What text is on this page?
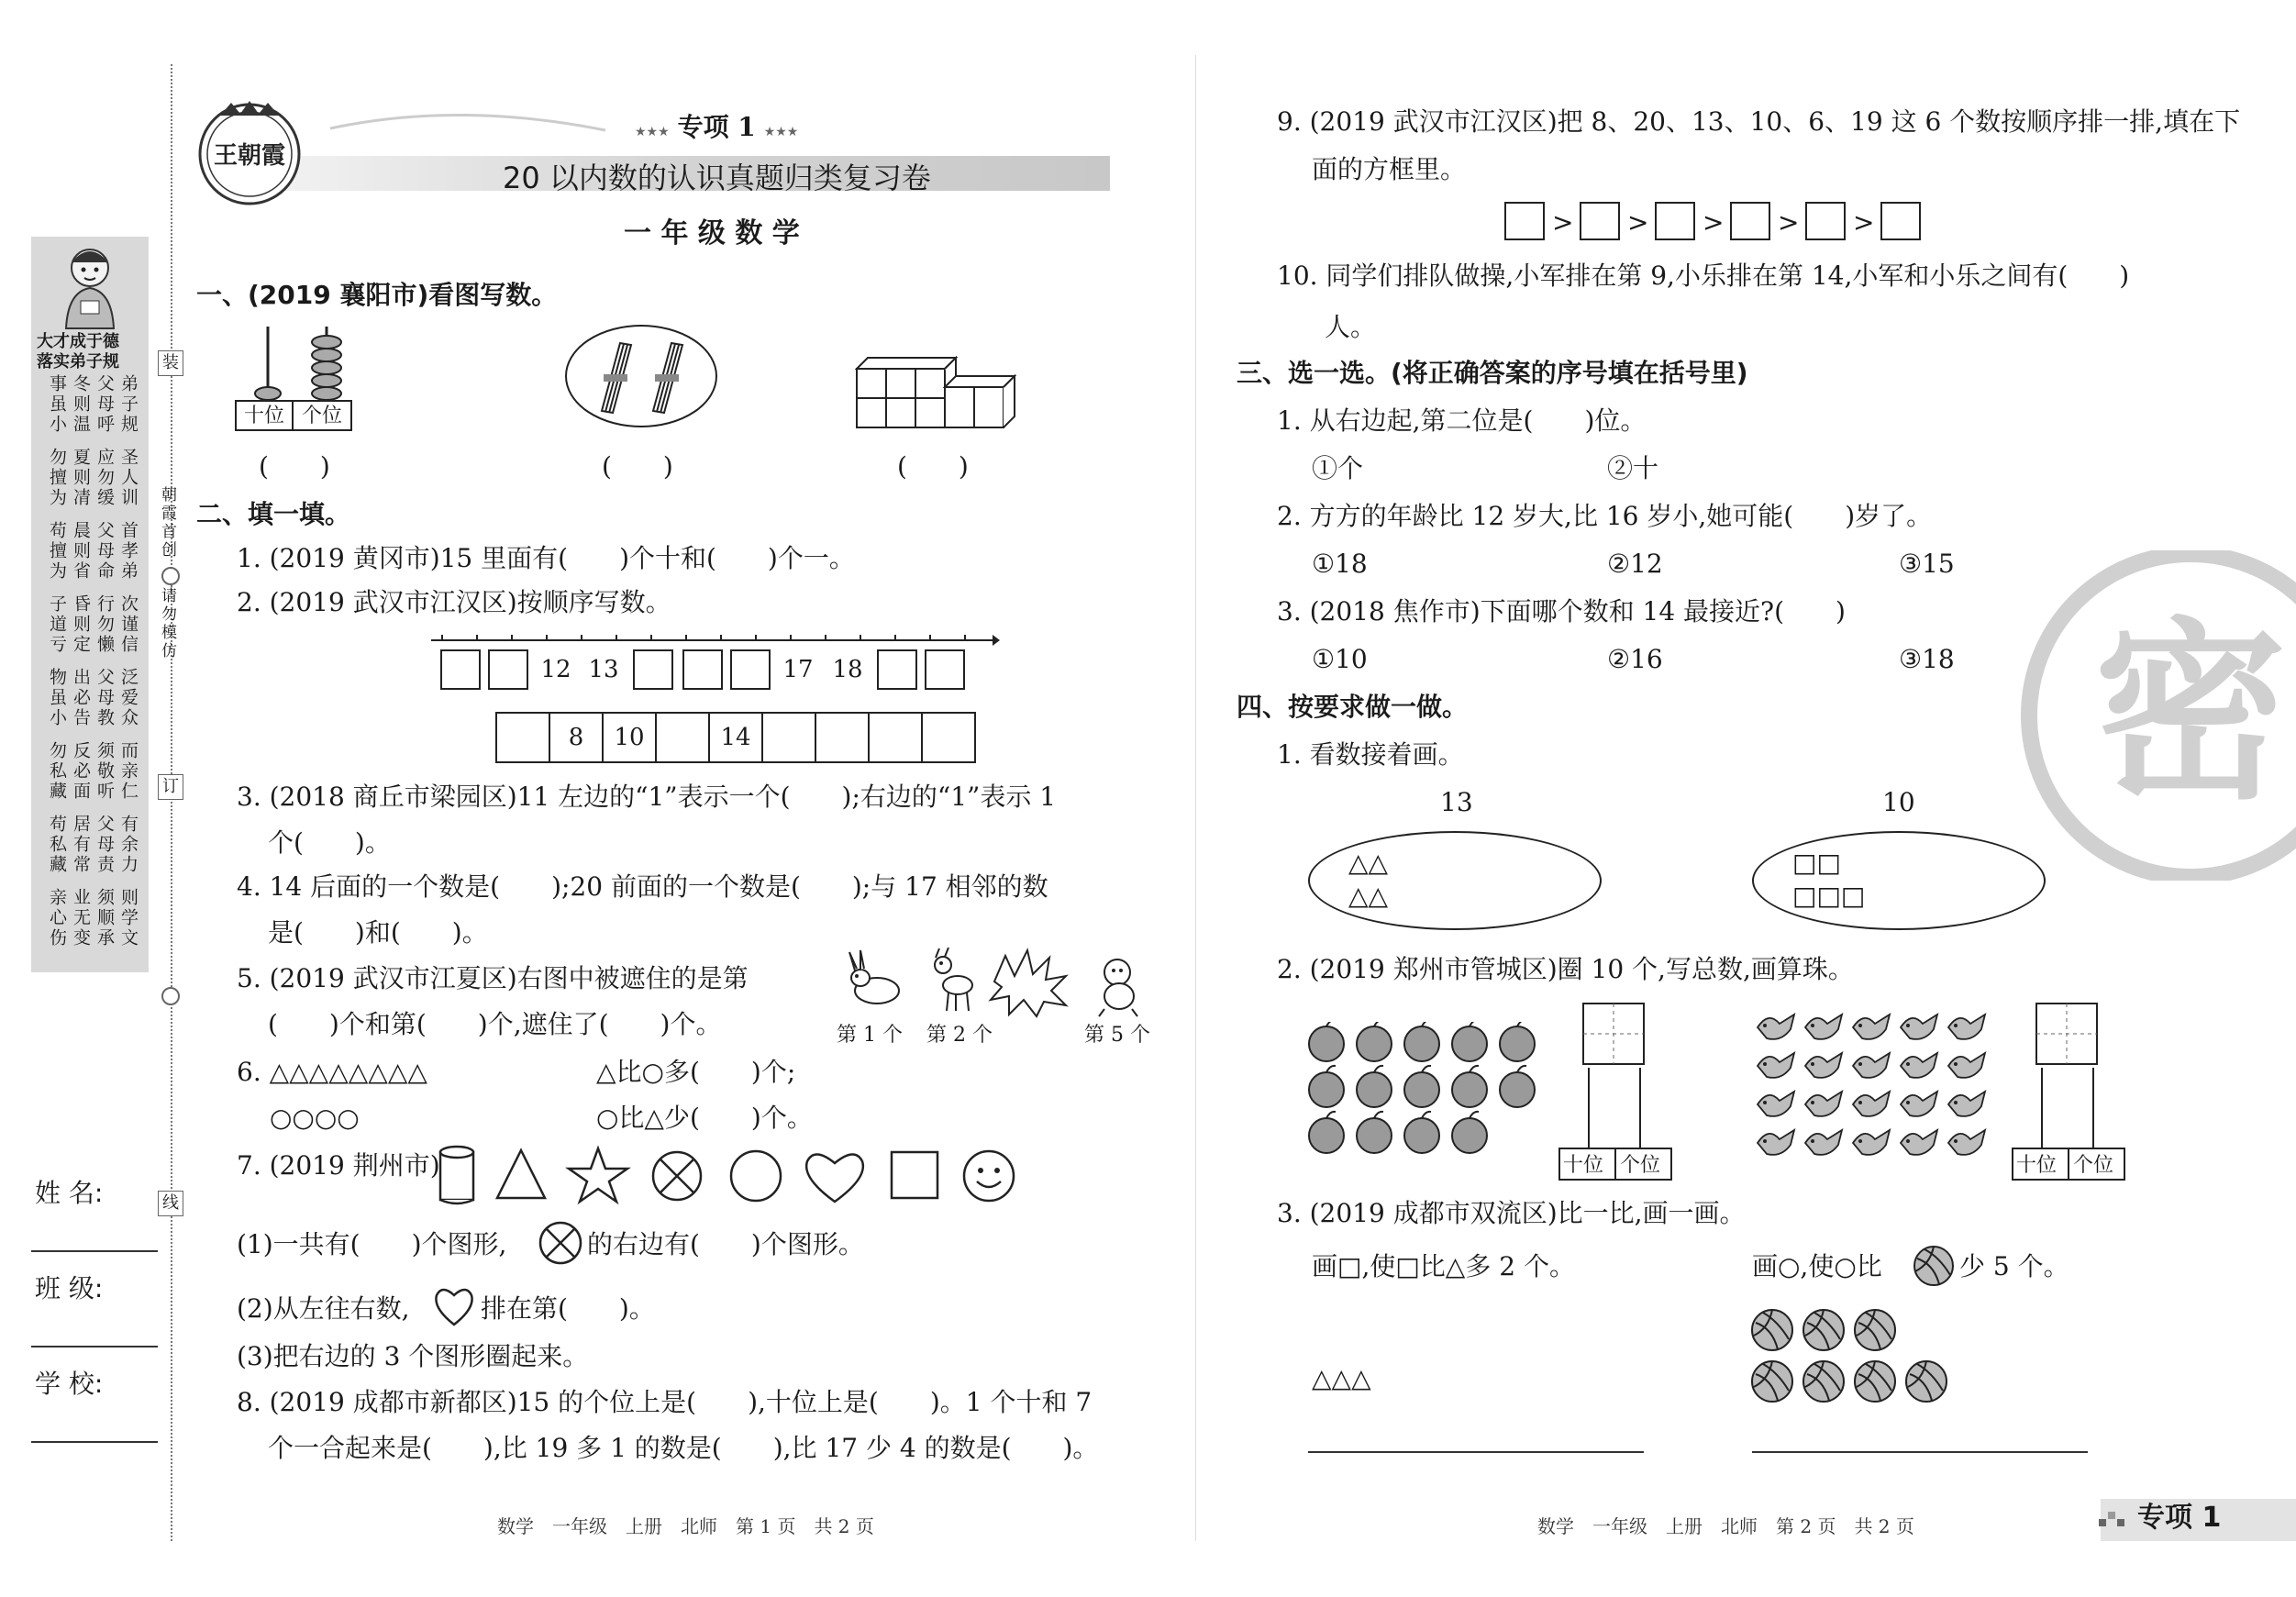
装
订
线
朝霞首创
请勿模仿
大才成于德
落实弟子规
弟子规
父母呼
冬则温
事虽小
圣人训
应勿缓
夏则凊
勿擅为
首孝弟
父母命
晨则省
苟擅为
次谨信
行勿懒
昏则定
子道亏
泛爱众
父母教
出必告
物虽小
而亲仁
须敬听
反必面
勿私藏
有余力
父母责
居有常
苟私藏
则学文
须顺承
业无变
亲心伤
姓 名:
班 级:
学 校:
王朝霞
★★★ 专项 1 ★★★
20 以内数的认识真题归类复习卷
一 年 级 数 学
一、(2019 襄阳市)看图写数。
十位 个位
(　　)	(　　)	(　　)
二、填一填。
1. (2019 黄冈市)15 里面有(　　)个十和(　　)个一。
2. (2019 武汉市江汉区)按顺序写数。
3. (2018 商丘市梁园区)11 左边的“1”表示一个(　　);右边的“1”表示 1
个(　　)。
4. 14 后面的一个数是(　　);20 前面的一个数是(　　);与 17 相邻的数
是(　　)和(　　)。
5. (2019 武汉市江夏区)右图中被遮住的是第
(　　)个和第(　　)个,遮住了(　　)个。	第 1 个 第 2 个	第 5 个
6. △△△△△△△△
○○○○
△比○多(　　)个;
○比△少(　　)个。
7. (2019 荆州市)
(1)一共有(　　)个图形,	的右边有(　　)个图形。
(2)从左往右数,	排在第(　　)。
(3)把右边的 3 个图形圈起来。
8. (2019 成都市新都区)15 的个位上是(　　),十位上是(　　)。1 个十和 7
个一合起来是(　　),比 19 多 1 的数是(　　),比 17 少 4 的数是(　　)。
数学　一年级　上册　北师　第 1 页　共 2 页
9. (2019 武汉市江汉区)把 8、20、13、10、6、19 这 6 个数按顺序排一排,填在下
面的方框里。
10. 同学们排队做操,小军排在第 9,小乐排在第 14,小军和小乐之间有(　　)
人。
三、选一选。(将正确答案的序号填在括号里)
1. 从右边起,第二位是(　　)位。
①个	②十
2. 方方的年龄比 12 岁大,比 16 岁小,她可能(　　)岁了。
①18	②12	③15
3. (2018 焦作市)下面哪个数和 14 最接近?(　　)
①10	②16	③18
四、按要求做一做。
1. 看数接着画。
13	10
△△
△△
□□
□□□
2. (2019 郑州市管城区)圈 10 个,写总数,画算珠。
十位 个位	十位 个位
3. (2019 成都市双流区)比一比,画一画。
画□,使□比△多 2 个。	画○,使○比	少 5 个。
△△△
密
数学　一年级　上册　北师　第 2 页　共 2 页	专项 1
12 13	17 18
8	10	14
> > > > >
